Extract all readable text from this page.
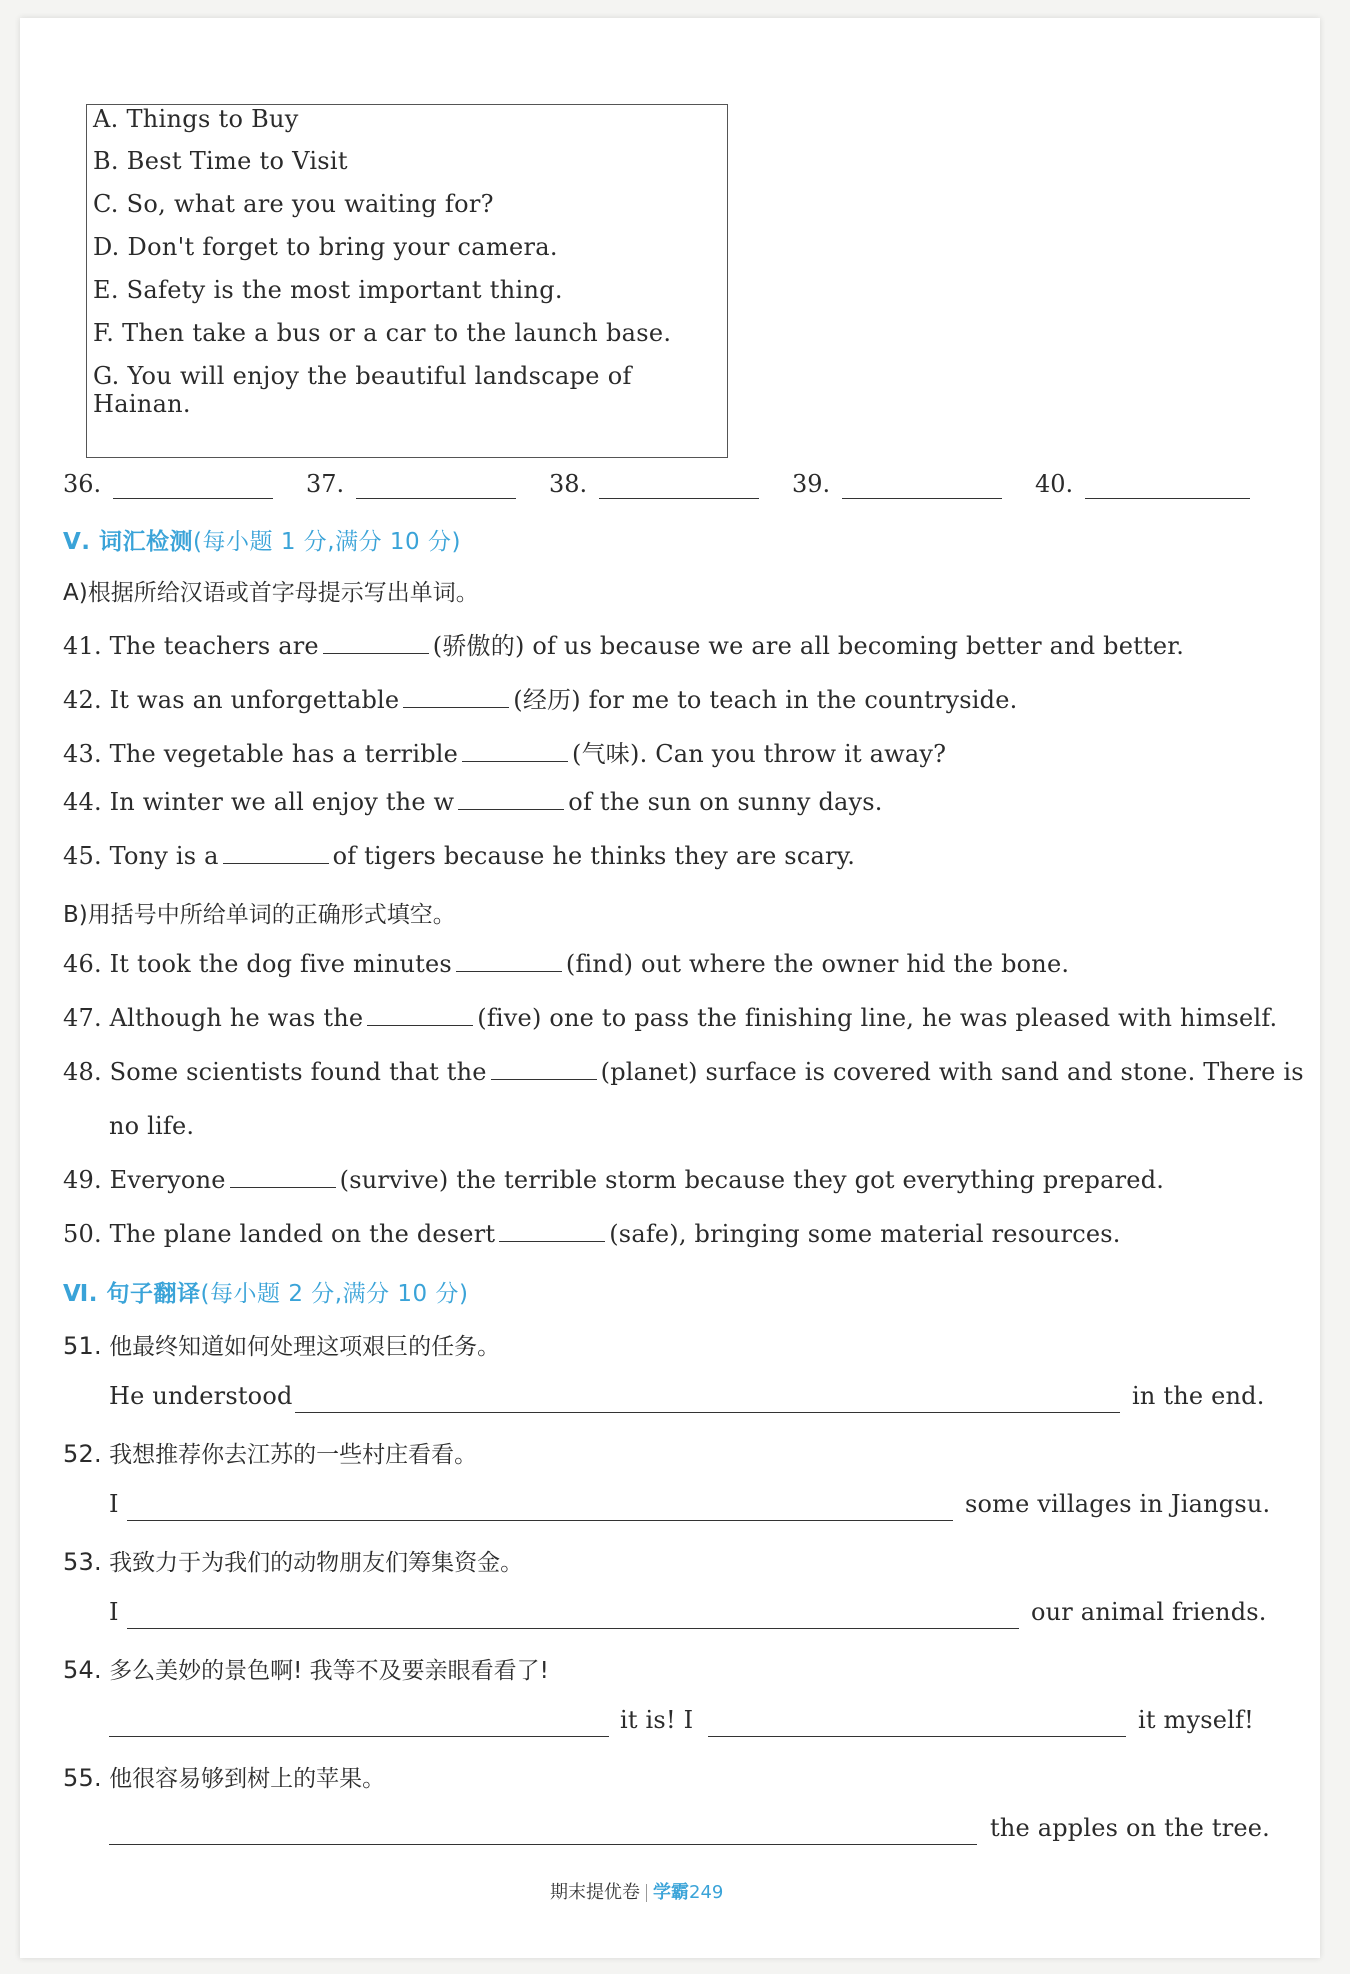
A. Things to Buy
B. Best Time to Visit
C. So, what are you waiting for?
D. Don't forget to bring your camera.
E. Safety is the most important thing.
F. Then take a bus or a car to the launch base.
G. You will enjoy the beautiful landscape of Hainan.
36.	37.	38.	39.	40.
Ⅴ. 词汇检测(每小题 1 分,满分 10 分)
A)根据所给汉语或首字母提示写出单词。
41. The teachers are	(骄傲的) of us because we are all becoming better and better.
42. It was an unforgettable	(经历) for me to teach in the countryside.
43. The vegetable has a terrible	(气味). Can you throw it away?
44. In winter we all enjoy the w	of the sun on sunny days.
45. Tony is a	of tigers because he thinks they are scary.
B)用括号中所给单词的正确形式填空。
46. It took the dog five minutes	(find) out where the owner hid the bone.
47. Although he was the	(five) one to pass the finishing line, he was pleased with himself.
48. Some scientists found that the	(planet) surface is covered with sand and stone. There is
no life.
49. Everyone	(survive) the terrible storm because they got everything prepared.
50. The plane landed on the desert	(safe), bringing some material resources.
Ⅵ. 句子翻译(每小题 2 分,满分 10 分)
51. 他最终知道如何处理这项艰巨的任务。
He understood	in the end.
52. 我想推荐你去江苏的一些村庄看看。
I	some villages in Jiangsu.
53. 我致力于为我们的动物朋友们筹集资金。
I	our animal friends.
54. 多么美妙的景色啊! 我等不及要亲眼看看了!
it is! I	it myself!
55. 他很容易够到树上的苹果。
the apples on the tree.
期末提优卷 学霸249
